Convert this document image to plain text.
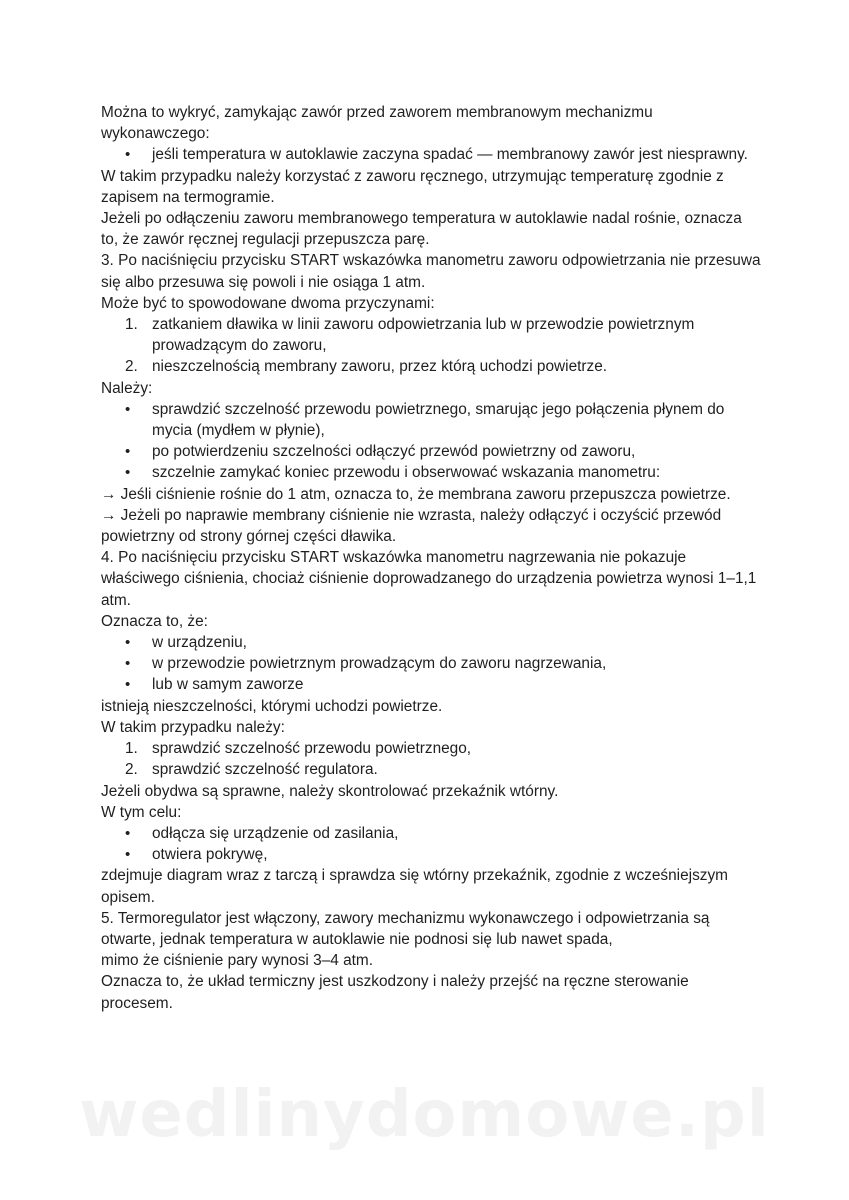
Można to wykryć, zamykając zawór przed zaworem membranowym mechanizmu wykonawczego:

• jeśli temperatura w autoklawie zaczyna spadać — membranowy zawór jest niesprawny.

W takim przypadku należy korzystać z zaworu ręcznego, utrzymując temperaturę zgodnie z zapisem na termogramie.

Jeżeli po odłączeniu zaworu membranowego temperatura w autoklawie nadal rośnie, oznacza to, że zawór ręcznej regulacji przepuszcza parę.

3. Po naciśnięciu przycisku START wskazówka manometru zaworu odpowietrzania nie przesuwa się albo przesuwa się powoli i nie osiąga 1 atm.

Może być to spowodowane dwoma przyczynami:

1. zatkaniem dławika w linii zaworu odpowietrzania lub w przewodzie powietrznym prowadzącym do zaworu,
2. nieszczelnością membrany zaworu, przez którą uchodzi powietrze.

Należy:

• sprawdzić szczelność przewodu powietrznego, smarując jego połączenia płynem do mycia (mydłem w płynie),
• po potwierdzeniu szczelności odłączyć przewód powietrzny od zaworu,
• szczelnie zamykać koniec przewodu i obserwować wskazania manometru:

→ Jeśli ciśnienie rośnie do 1 atm, oznacza to, że membrana zaworu przepuszcza powietrze.

→ Jeżeli po naprawie membrany ciśnienie nie wzrasta, należy odłączyć i oczyścić przewód powietrzny od strony górnej części dławika.

4. Po naciśnięciu przycisku START wskazówka manometru nagrzewania nie pokazuje właściwego ciśnienia, chociaż ciśnienie doprowadzanego do urządzenia powietrza wynosi 1–1,1 atm.

Oznacza to, że:

• w urządzeniu,
• w przewodzie powietrznym prowadzącym do zaworu nagrzewania,
• lub w samym zaworze

istnieją nieszczelności, którymi uchodzi powietrze.

W takim przypadku należy:

1. sprawdzić szczelność przewodu powietrznego,
2. sprawdzić szczelność regulatora.

Jeżeli obydwa są sprawne, należy skontrolować przekaźnik wtórny.

W tym celu:

• odłącza się urządzenie od zasilania,
• otwiera pokrywę,

zdejmuje diagram wraz z tarczą i sprawdza się wtórny przekaźnik, zgodnie z wcześniejszym opisem.

5. Termoregulator jest włączony, zawory mechanizmu wykonawczego i odpowietrzania są otwarte, jednak temperatura w autoklawie nie podnosi się lub nawet spada,

mimo że ciśnienie pary wynosi 3–4 atm.

Oznacza to, że układ termiczny jest uszkodzony i należy przejść na ręczne sterowanie procesem.

wedlinydomowe.pl
